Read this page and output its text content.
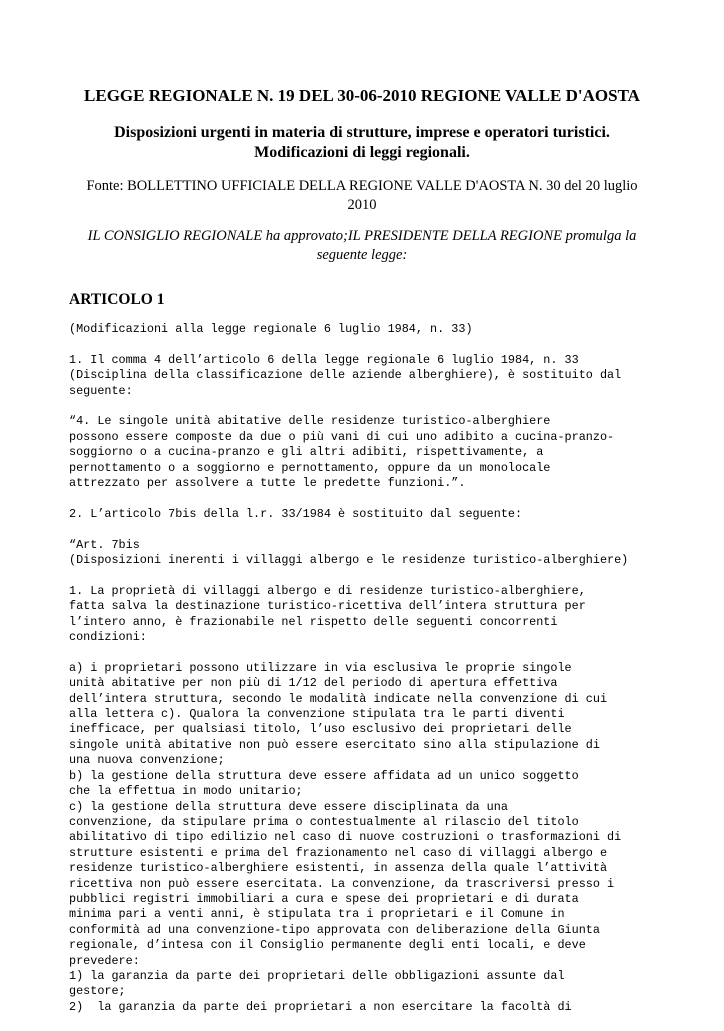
LEGGE REGIONALE N. 19 DEL 30-06-2010 REGIONE VALLE D'AOSTA
Disposizioni urgenti in materia di strutture, imprese e operatori turistici.
Modificazioni di leggi regionali.
Fonte: BOLLETTINO UFFICIALE DELLA REGIONE VALLE D'AOSTA N. 30 del 20 luglio
2010
IL CONSIGLIO REGIONALE ha approvato;IL PRESIDENTE DELLA REGIONE promulga la
seguente legge:
ARTICOLO 1
(Modificazioni alla legge regionale 6 luglio 1984, n. 33)
1. Il comma 4 dell’articolo 6 della legge regionale 6 luglio 1984, n. 33
(Disciplina della classificazione delle aziende alberghiere), è sostituito dal
seguente:
“4. Le singole unità abitative delle residenze turistico-alberghiere
possono essere composte da due o più vani di cui uno adibito a cucina-pranzo-
soggiorno o a cucina-pranzo e gli altri adibiti, rispettivamente, a
pernottamento o a soggiorno e pernottamento, oppure da un monolocale
attrezzato per assolvere a tutte le predette funzioni.”.
2. L’articolo 7bis della l.r. 33/1984 è sostituito dal seguente:
“Art. 7bis
(Disposizioni inerenti i villaggi albergo e le residenze turistico-alberghiere)
1. La proprietà di villaggi albergo e di residenze turistico-alberghiere,
fatta salva la destinazione turistico-ricettiva dell’intera struttura per
l’intero anno, è frazionabile nel rispetto delle seguenti concorrenti
condizioni:
a) i proprietari possono utilizzare in via esclusiva le proprie singole
unità abitative per non più di 1/12 del periodo di apertura effettiva
dell’intera struttura, secondo le modalità indicate nella convenzione di cui
alla lettera c). Qualora la convenzione stipulata tra le parti diventi
inefficace, per qualsiasi titolo, l’uso esclusivo dei proprietari delle
singole unità abitative non può essere esercitato sino alla stipulazione di
una nuova convenzione;
b) la gestione della struttura deve essere affidata ad un unico soggetto
che la effettua in modo unitario;
c) la gestione della struttura deve essere disciplinata da una
convenzione, da stipulare prima o contestualmente al rilascio del titolo
abilitativo di tipo edilizio nel caso di nuove costruzioni o trasformazioni di
strutture esistenti e prima del frazionamento nel caso di villaggi albergo e
residenze turistico-alberghiere esistenti, in assenza della quale l’attività
ricettiva non può essere esercitata. La convenzione, da trascriversi presso i
pubblici registri immobiliari a cura e spese dei proprietari e di durata
minima pari a venti anni, è stipulata tra i proprietari e il Comune in
conformità ad una convenzione-tipo approvata con deliberazione della Giunta
regionale, d’intesa con il Consiglio permanente degli enti locali, e deve
prevedere:
1) la garanzia da parte dei proprietari delle obbligazioni assunte dal
gestore;
2)  la garanzia da parte dei proprietari a non esercitare la facoltà di
